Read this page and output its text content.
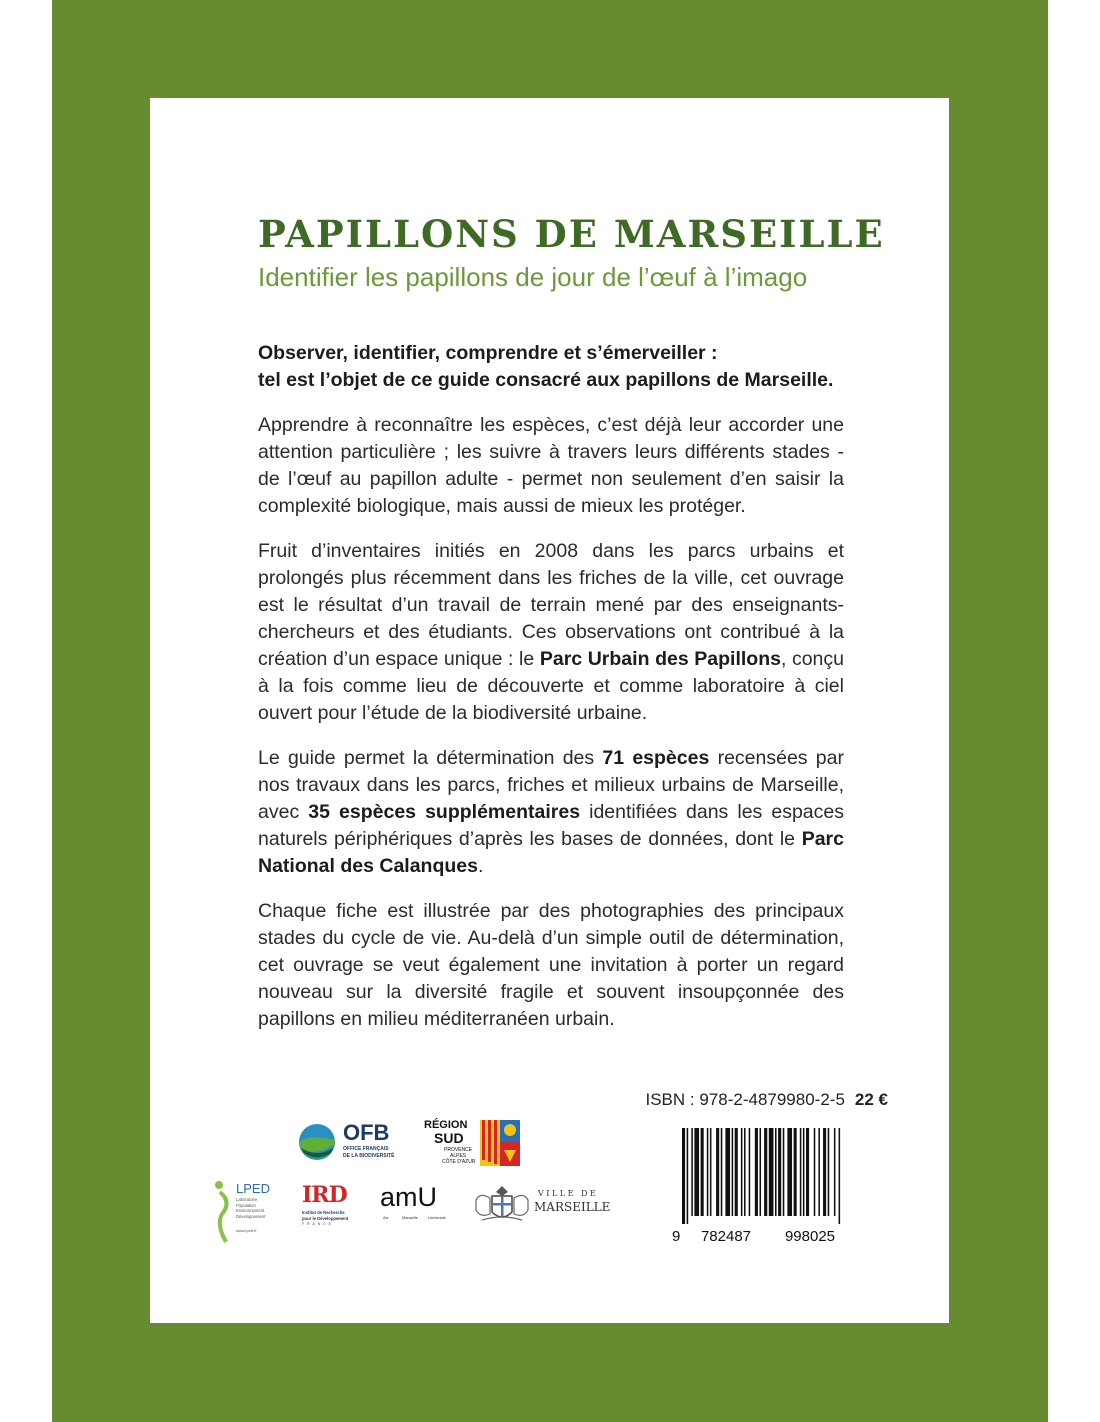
PAPILLONS DE MARSEILLE

Identifier les papillons de jour de l’œuf à l’imago

Observer, identifier, comprendre et s’émerveiller :
tel est l’objet de ce guide consacré aux papillons de Marseille.

Apprendre à reconnaître les espèces, c’est déjà leur accorder une attention particulière ; les suivre à travers leurs différents stades - de l’œuf au papillon adulte - permet non seulement d’en saisir la complexité biologique, mais aussi de mieux les protéger.

Fruit d’inventaires initiés en 2008 dans les parcs urbains et prolongés plus récemment dans les friches de la ville, cet ouvrage est le résultat d’un travail de terrain mené par des enseignants-chercheurs et des étudiants. Ces observations ont contribué à la création d’un espace unique : le Parc Urbain des Papillons, conçu à la fois comme lieu de découverte et comme laboratoire à ciel ouvert pour l’étude de la biodiversité urbaine.

Le guide permet la détermination des 71 espèces recensées par nos travaux dans les parcs, friches et milieux urbains de Marseille, avec 35 espèces supplémentaires identifiées dans les espaces naturels périphériques d’après les bases de données, dont le Parc National des Calanques.

Chaque fiche est illustrée par des photographies des principaux stades du cycle de vie. Au-delà d’un simple outil de détermination, cet ouvrage se veut également une invitation à porter un regard nouveau sur la diversité fragile et souvent insoupçonnée des papillons en milieu méditerranéen urbain.

OFB
OFFICE FRANÇAIS
DE LA BIODIVERSITÉ
RÉGION
SUD
PROVENCE
ALPES
CÔTE D'AZUR
LPED
Laboratoire Population Environnement Développement
www.lped.fr
IRD
Institut de Recherche
pour le Développement
FRANCE
amU
Aix	Marseille Université
VILLE DE
MARSEILLE
ISBN : 978-2-4879980-2-5 22 €
9 782487 998025
